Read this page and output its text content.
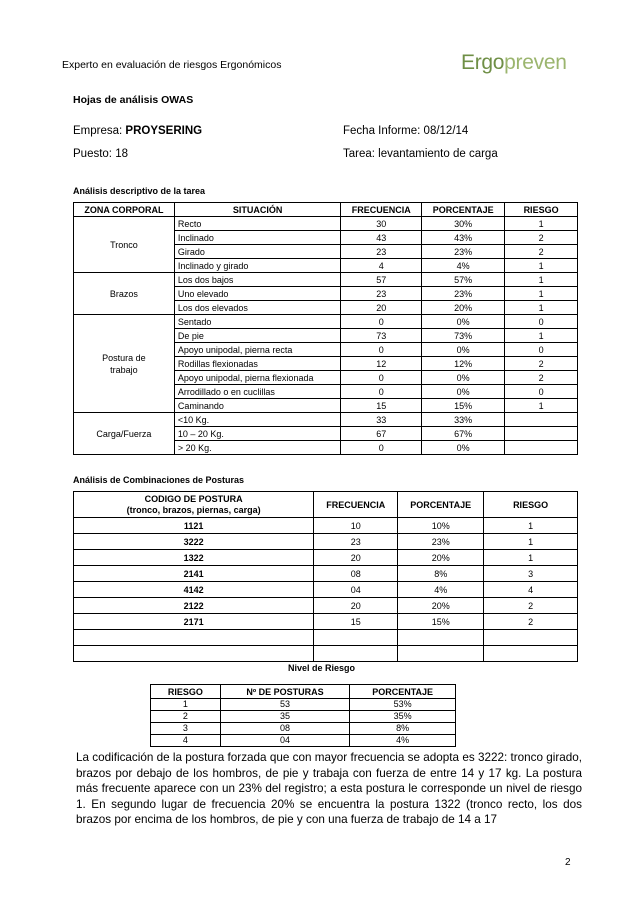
Experto en evaluación de riesgos Ergonómicos	Ergopreven
Hojas de análisis OWAS
Empresa: PROYSERING	Fecha Informe: 08/12/14
Puesto: 18	Tarea: levantamiento de carga
Análisis descriptivo de la tarea
ZONA CORPORAL	SITUACIÓN	FRECUENCIA	PORCENTAJE	RIESGO
Tronco	Recto	30	30%	1
	Inclinado	43	43%	2
	Girado	23	23%	2
	Inclinado y girado	4	4%	1
Brazos	Los dos bajos	57	57%	1
	Uno elevado	23	23%	1
	Los dos elevados	20	20%	1
Postura de trabajo	Sentado	0	0%	0
	De pie	73	73%	1
	Apoyo unipodal, pierna recta	0	0%	0
	Rodillas flexionadas	12	12%	2
	Apoyo unipodal, pierna flexionada	0	0%	2
	Arrodillado o en cuclillas	0	0%	0
	Caminando	15	15%	1
Carga/Fuerza	<10 Kg.	33	33%	
	10 – 20 Kg.	67	67%	
	> 20 Kg.	0	0%	
Análisis de Combinaciones de Posturas
CODIGO DE POSTURA
(tronco, brazos, piernas, carga)	FRECUENCIA	PORCENTAJE	RIESGO
1121	10	10%	1
3222	23	23%	1
1322	20	20%	1
2141	08	8%	3
4142	04	4%	4
2122	20	20%	2
2171	15	15%	2

Nivel de Riesgo
RIESGO	Nº DE POSTURAS	PORCENTAJE
1	53	53%
2	35	35%
3	08	8%
4	04	4%
La codificación de la postura forzada que con mayor frecuencia se adopta es 3222: tronco girado, brazos por debajo de los hombros, de pie y trabaja con fuerza de entre 14 y 17 kg. La postura más frecuente aparece con un 23% del registro; a esta postura le corresponde un nivel de riesgo 1. En segundo lugar de frecuencia 20% se encuentra la postura 1322 (tronco recto, los dos brazos por encima de los hombros, de pie y con una fuerza de trabajo de 14 a 17
2
